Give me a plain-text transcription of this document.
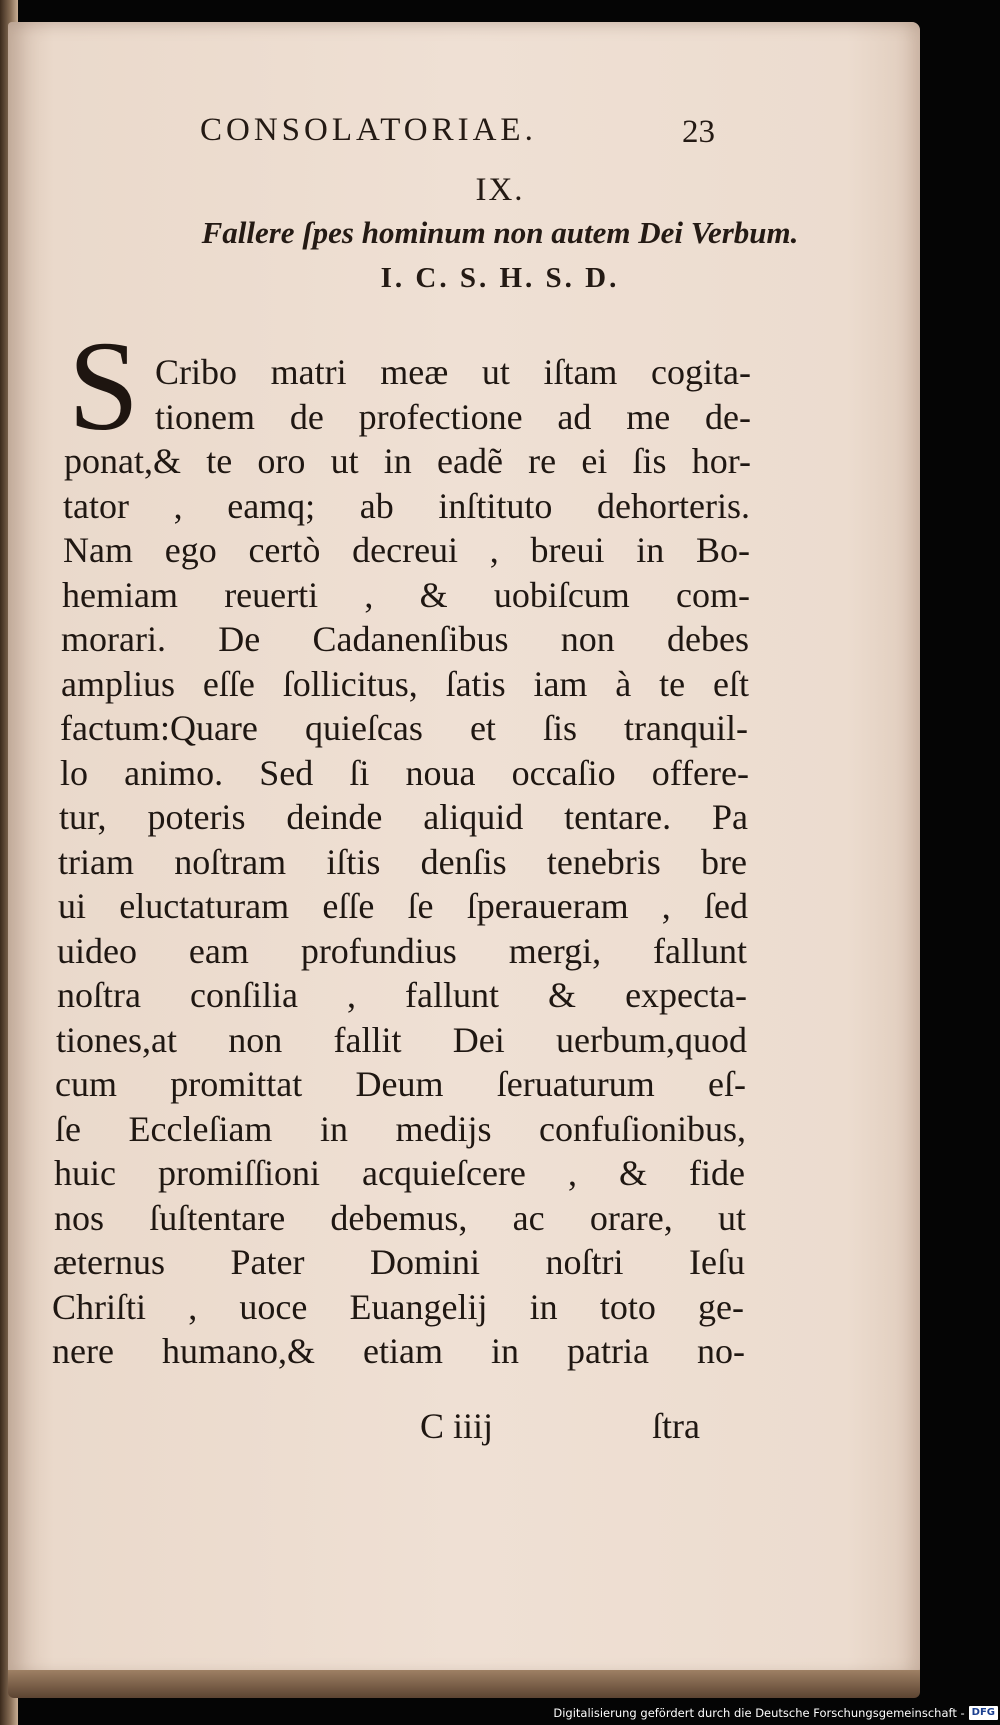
CONSOLATORIAE.	23
IX.
Fallere ſpes hominum non autem Dei Verbum.
I. C. S. H. S. D.
S Cribo matri meæ ut iſtam cogita-
tionem de profectione ad me de-
ponat,& te oro ut in eadẽ re ei ſis hor-
tator , eamq; ab inſtituto dehorteris.
Nam ego certò decreui , breui in Bo-
hemiam reuerti , & uobiſcum com-
morari. De Cadanenſibus non debes
amplius eſſe ſollicitus, ſatis iam à te eſt
factum:Quare quieſcas et ſis tranquil-
lo animo. Sed ſi noua occaſio offere-
tur, poteris deinde aliquid tentare. Pa
triam noſtram iſtis denſis tenebris bre
ui eluctaturam eſſe ſe ſperaueram , ſed
uideo eam profundius mergi, fallunt
noſtra conſilia , fallunt & expecta-
tiones,at non fallit Dei uerbum,quod
cum promittat Deum ſeruaturum eſ-
ſe Eccleſiam in medijs confuſionibus,
huic promiſſioni acquieſcere , & fide
nos ſuſtentare debemus, ac orare, ut
æternus Pater Domini noſtri Ieſu
Chriſti , uoce Euangelij in toto ge-
nere humano,& etiam in patria no-
C iiij	ſtra
Digitalisierung gefördert durch die Deutsche Forschungsgemeinschaft - DFG
